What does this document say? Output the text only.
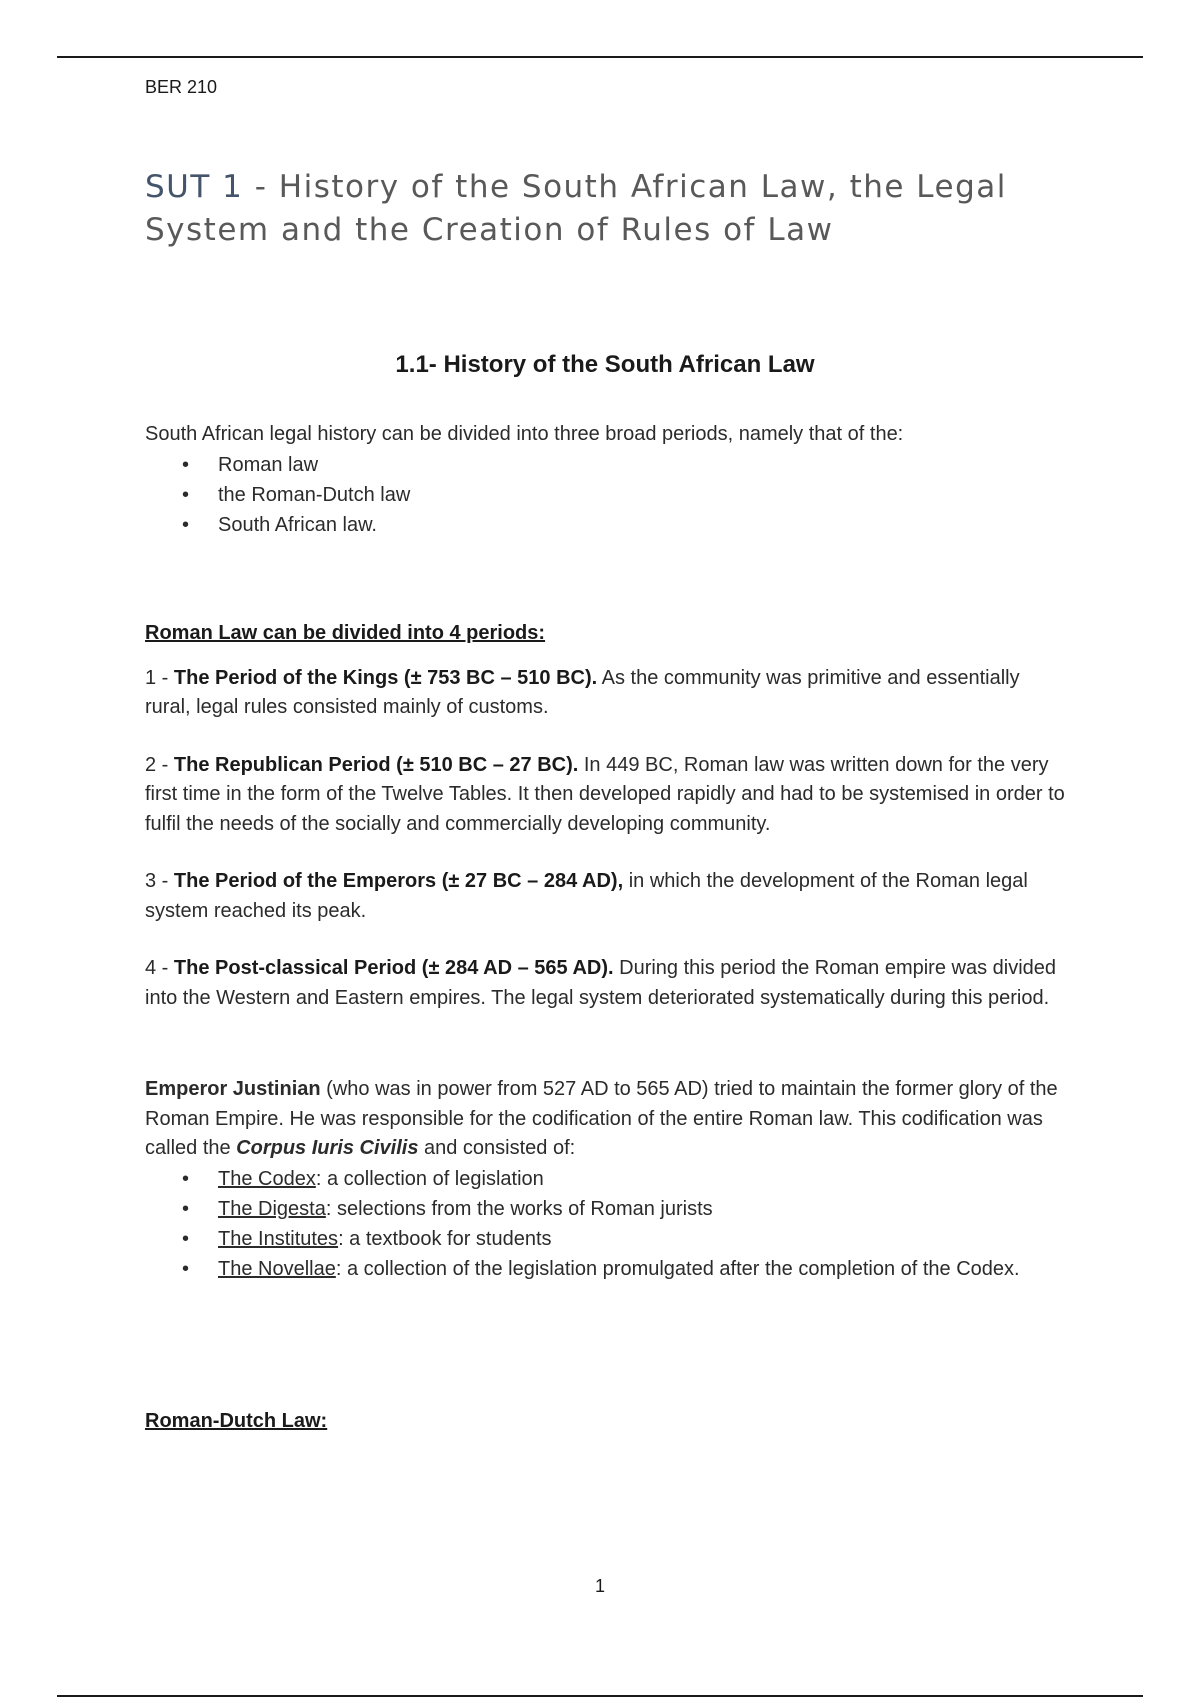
BER 210

SUT 1 - History of the South African Law, the Legal System and the Creation of Rules of Law
1.1- History of the South African Law

South African legal history can be divided into three broad periods, namely that of the:

• Roman law
• the Roman-Dutch law
• South African law.

Roman Law can be divided into 4 periods:

1 - The Period of the Kings (± 753 BC – 510 BC). As the community was primitive and essentially rural, legal rules consisted mainly of customs.

2 - The Republican Period (± 510 BC – 27 BC). In 449 BC, Roman law was written down for the very first time in the form of the Twelve Tables. It then developed rapidly and had to be systemised in order to fulfil the needs of the socially and commercially developing community.

3 - The Period of the Emperors (± 27 BC – 284 AD), in which the development of the Roman legal system reached its peak.

4 - The Post-classical Period (± 284 AD – 565 AD). During this period the Roman empire was divided into the Western and Eastern empires. The legal system deteriorated systematically during this period.

Emperor Justinian (who was in power from 527 AD to 565 AD) tried to maintain the former glory of the Roman Empire. He was responsible for the codification of the entire Roman law. This codification was called the Corpus Iuris Civilis and consisted of:

• The Codex: a collection of legislation
• The Digesta: selections from the works of Roman jurists
• The Institutes: a textbook for students
• The Novellae: a collection of the legislation promulgated after the completion of the Codex.

Roman-Dutch Law:

1
